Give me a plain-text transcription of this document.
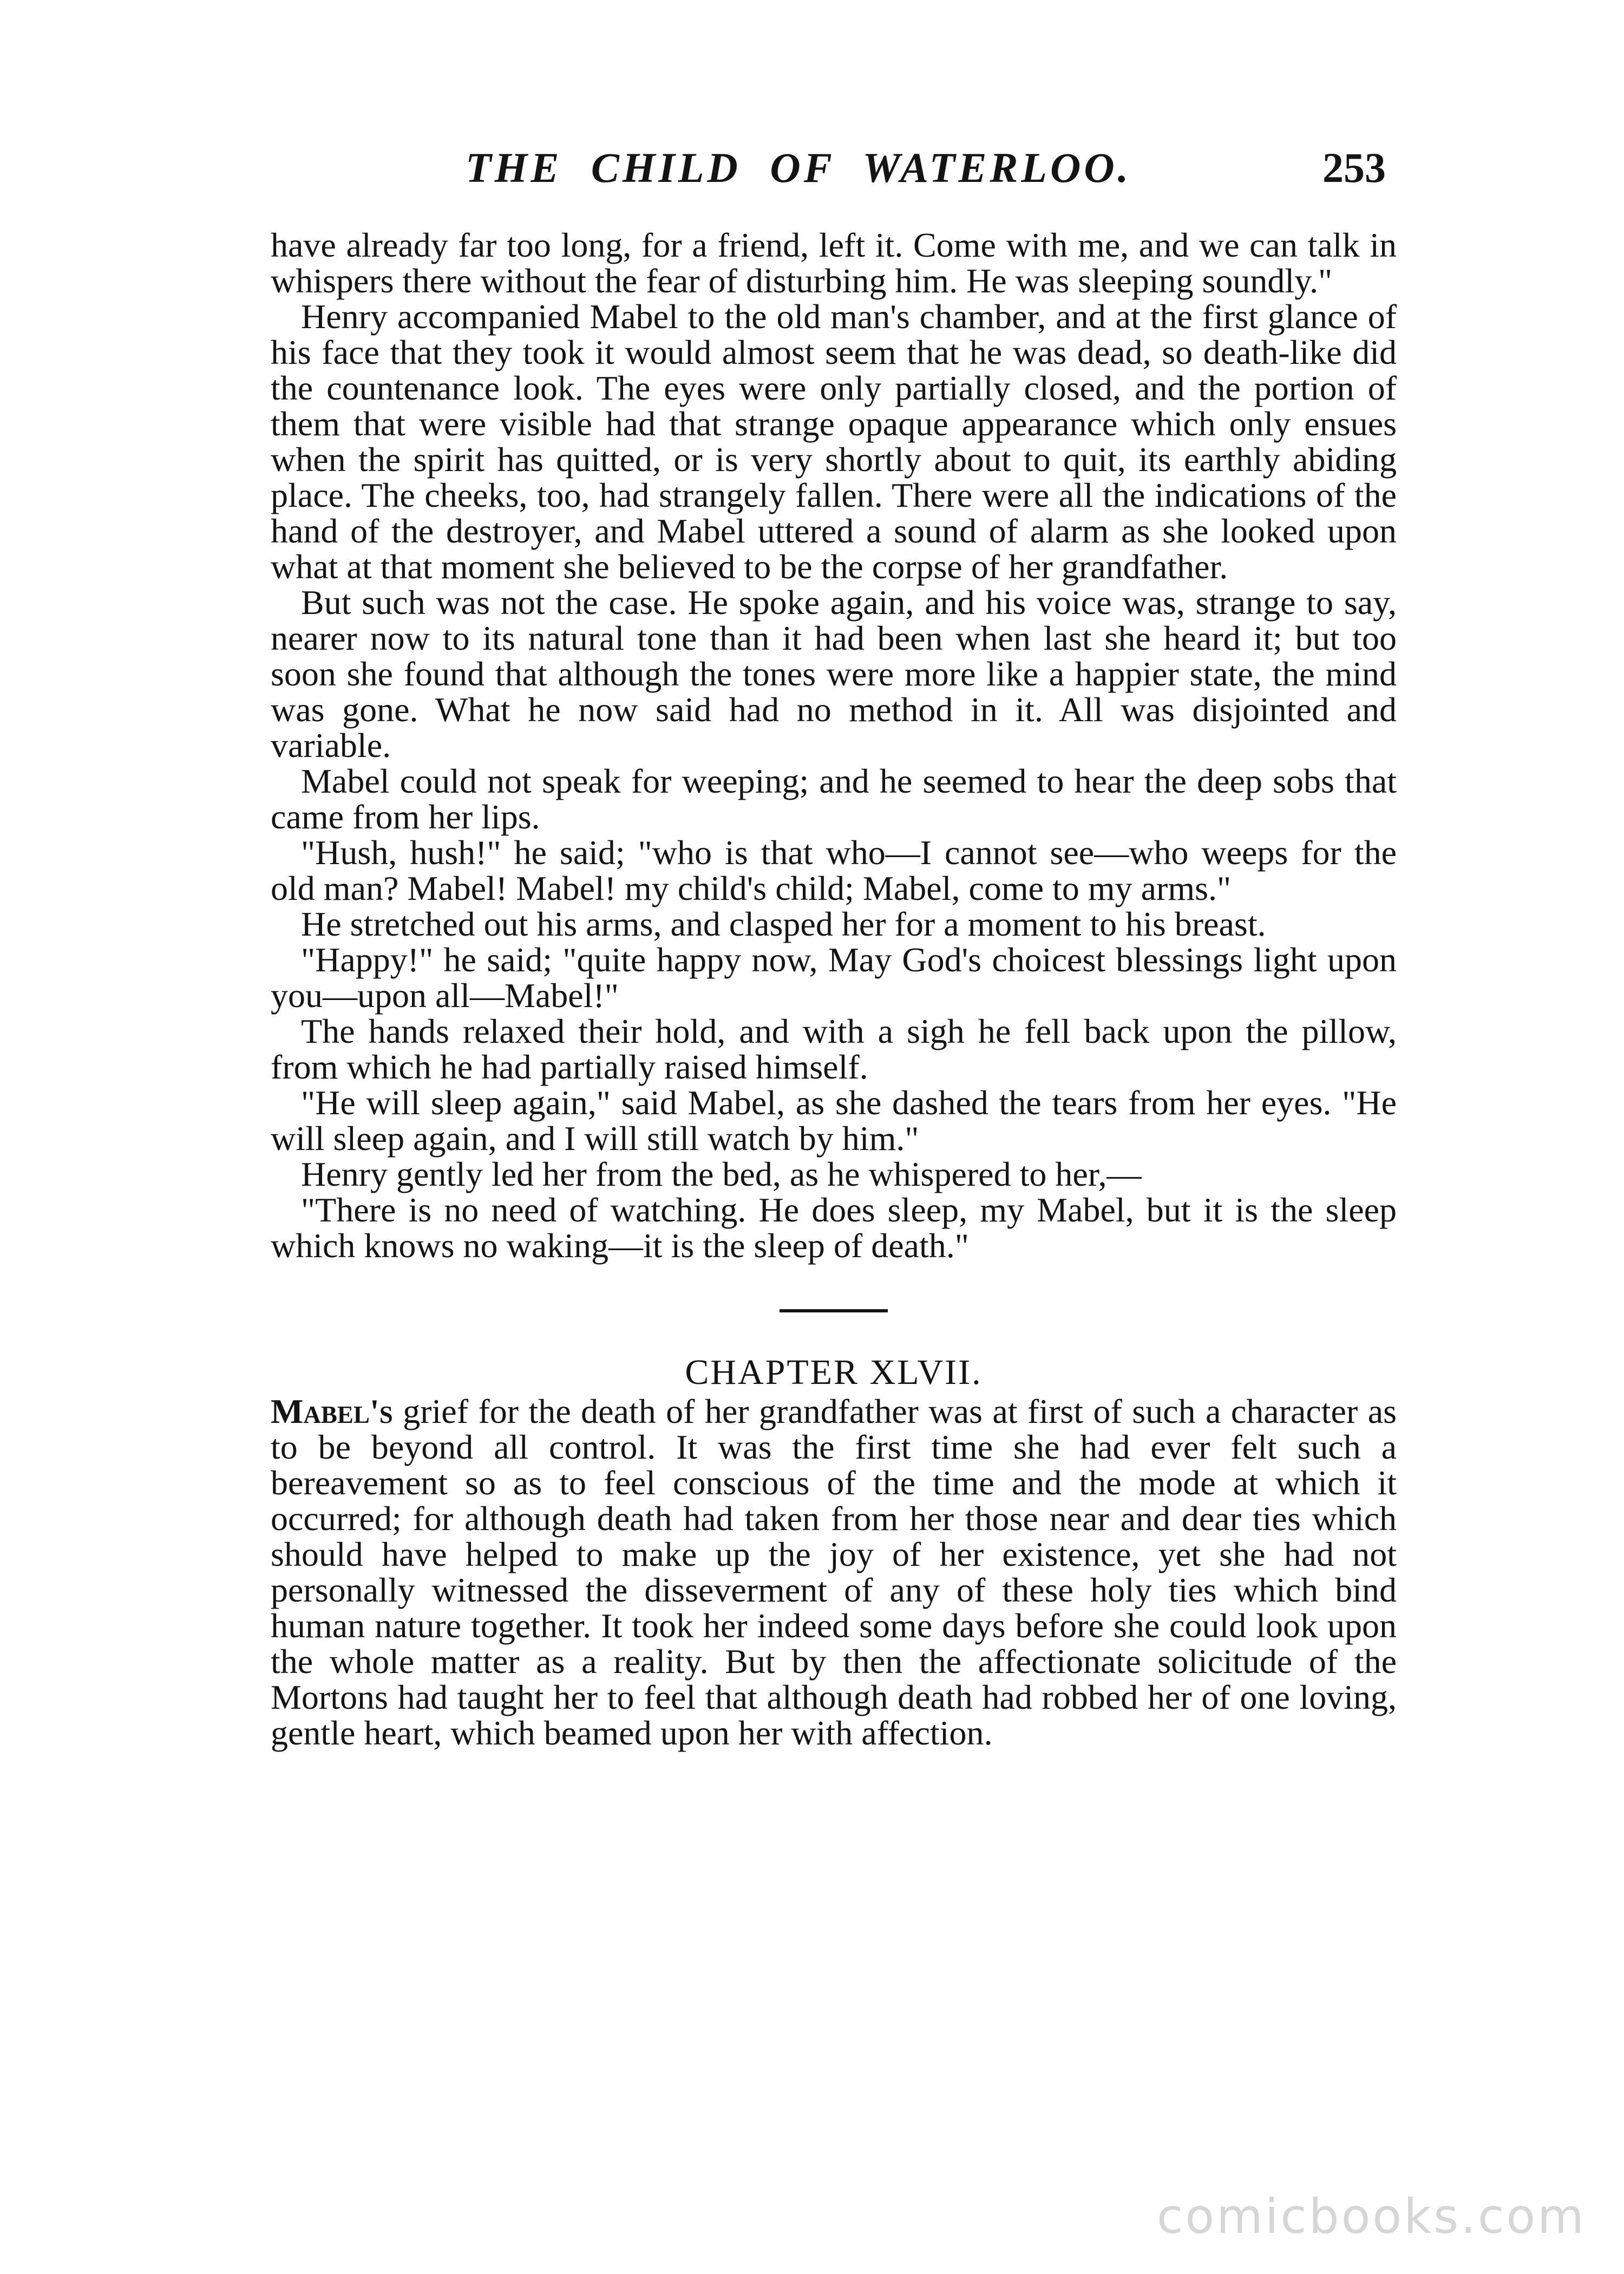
THE CHILD OF WATERLOO.	253

have already far too long, for a friend, left it. Come with me, and we can talk in whispers there without the fear of disturbing him. He was sleeping soundly."

Henry accompanied Mabel to the old man's chamber, and at the first glance of his face that they took it would almost seem that he was dead, so death-like did the countenance look. The eyes were only partially closed, and the portion of them that were visible had that strange opaque appearance which only ensues when the spirit has quitted, or is very shortly about to quit, its earthly abiding place. The cheeks, too, had strangely fallen. There were all the indications of the hand of the destroyer, and Mabel uttered a sound of alarm as she looked upon what at that moment she believed to be the corpse of her grandfather.

But such was not the case. He spoke again, and his voice was, strange to say, nearer now to its natural tone than it had been when last she heard it; but too soon she found that although the tones were more like a happier state, the mind was gone. What he now said had no method in it. All was disjointed and variable.

Mabel could not speak for weeping; and he seemed to hear the deep sobs that came from her lips.

"Hush, hush!" he said; "who is that who—I cannot see—who weeps for the old man? Mabel! Mabel! my child's child; Mabel, come to my arms."

He stretched out his arms, and clasped her for a moment to his breast.

"Happy!" he said; "quite happy now, May God's choicest blessings light upon you—upon all—Mabel!"

The hands relaxed their hold, and with a sigh he fell back upon the pillow, from which he had partially raised himself.

"He will sleep again," said Mabel, as she dashed the tears from her eyes. "He will sleep again, and I will still watch by him."

Henry gently led her from the bed, as he whispered to her,—

"There is no need of watching. He does sleep, my Mabel, but it is the sleep which knows no waking—it is the sleep of death."

CHAPTER XLVII.

Mabel's grief for the death of her grandfather was at first of such a character as to be beyond all control. It was the first time she had ever felt such a bereavement so as to feel conscious of the time and the mode at which it occurred; for although death had taken from her those near and dear ties which should have helped to make up the joy of her existence, yet she had not personally witnessed the disseverment of any of these holy ties which bind human nature together. It took her indeed some days before she could look upon the whole matter as a reality. But by then the affectionate solicitude of the Mortons had taught her to feel that although death had robbed her of one loving, gentle heart, which beamed upon her with affection.

comicbooks.com
